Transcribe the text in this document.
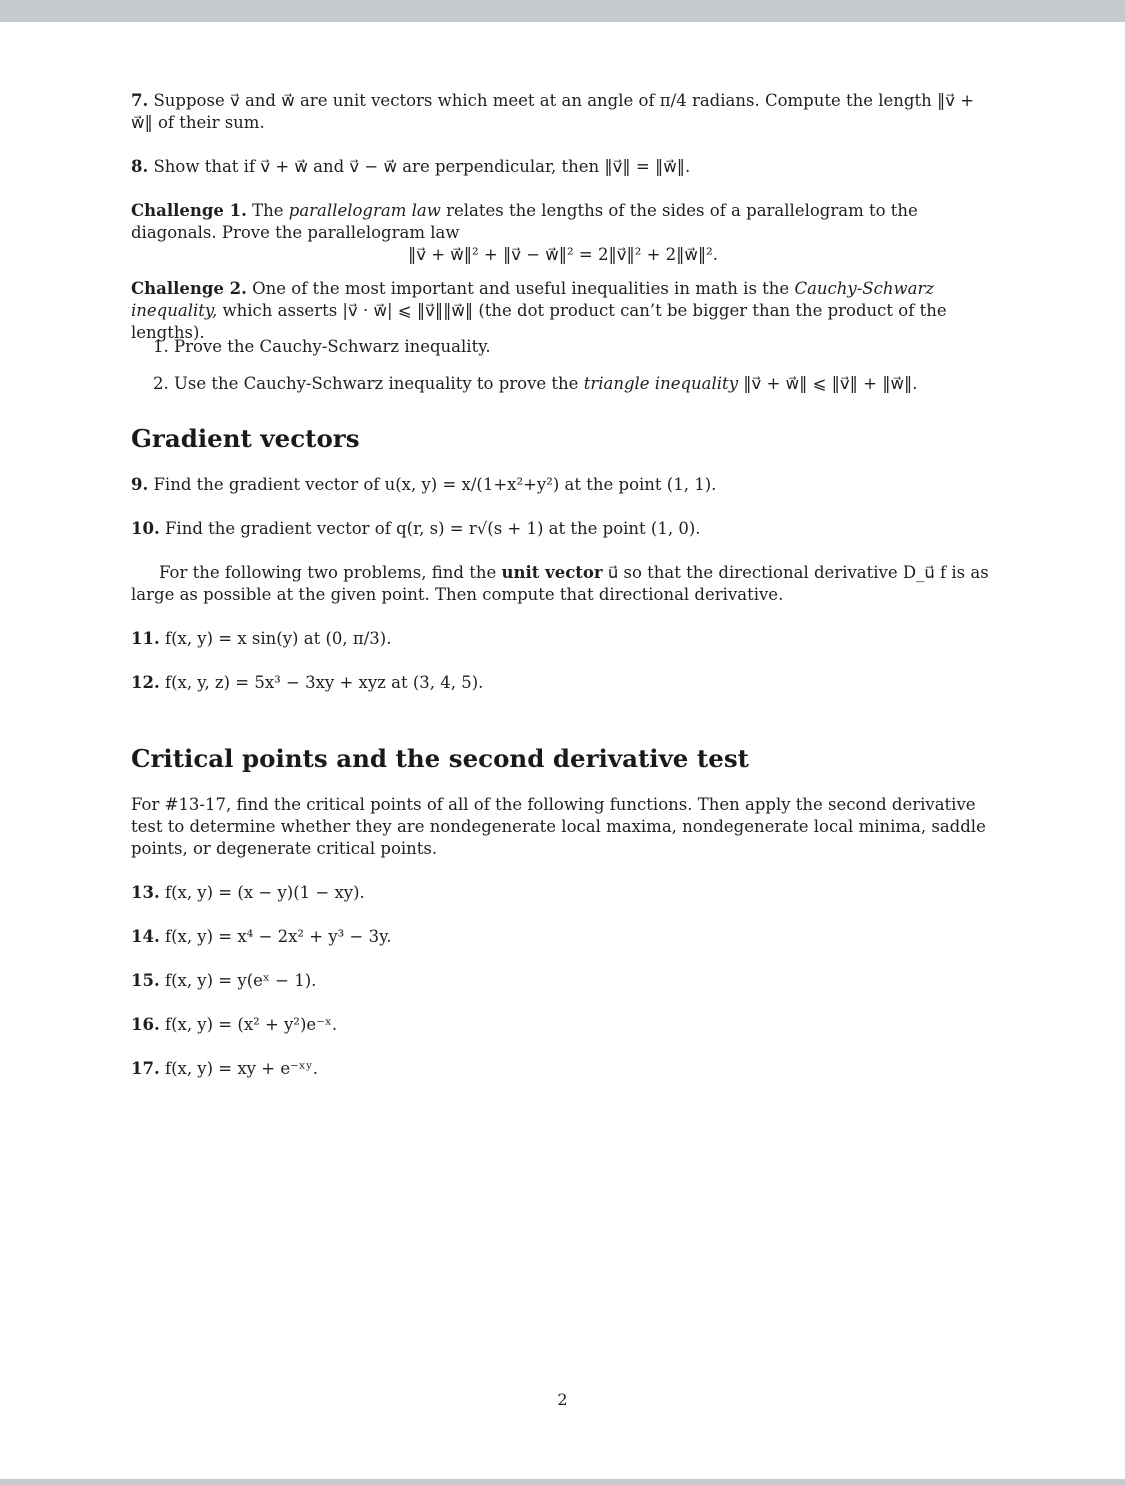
7. Suppose v⃗ and w⃗ are unit vectors which meet at an angle of π/4 radians. Compute the length ‖v⃗ + w⃗‖ of their sum.
8. Show that if v⃗ + w⃗ and v⃗ − w⃗ are perpendicular, then ‖v⃗‖ = ‖w⃗‖.
Challenge 1. The parallelogram law relates the lengths of the sides of a parallelogram to the diagonals. Prove the parallelogram law
‖v⃗ + w⃗‖² + ‖v⃗ − w⃗‖² = 2‖v⃗‖² + 2‖w⃗‖².
Challenge 2. One of the most important and useful inequalities in math is the Cauchy-Schwarz inequality, which asserts |v⃗ · w⃗| ⩽ ‖v⃗‖‖w⃗‖ (the dot product can’t be bigger than the product of the lengths).
1. Prove the Cauchy-Schwarz inequality.
2. Use the Cauchy-Schwarz inequality to prove the triangle inequality ‖v⃗ + w⃗‖ ⩽ ‖v⃗‖ + ‖w⃗‖.
Gradient vectors
9. Find the gradient vector of u(x, y) = x/(1+x²+y²) at the point (1, 1).
10. Find the gradient vector of q(r, s) = r√(s + 1) at the point (1, 0).
For the following two problems, find the unit vector u⃗ so that the directional derivative D_u⃗ f is as large as possible at the given point. Then compute that directional derivative.
11. f(x, y) = x sin(y) at (0, π/3).
12. f(x, y, z) = 5x³ − 3xy + xyz at (3, 4, 5).
Critical points and the second derivative test
For #13-17, find the critical points of all of the following functions. Then apply the second derivative test to determine whether they are nondegenerate local maxima, nondegenerate local minima, saddle points, or degenerate critical points.
13. f(x, y) = (x − y)(1 − xy).
14. f(x, y) = x⁴ − 2x² + y³ − 3y.
15. f(x, y) = y(eˣ − 1).
16. f(x, y) = (x² + y²)e⁻ˣ.
17. f(x, y) = xy + e⁻ˣʸ.
2
